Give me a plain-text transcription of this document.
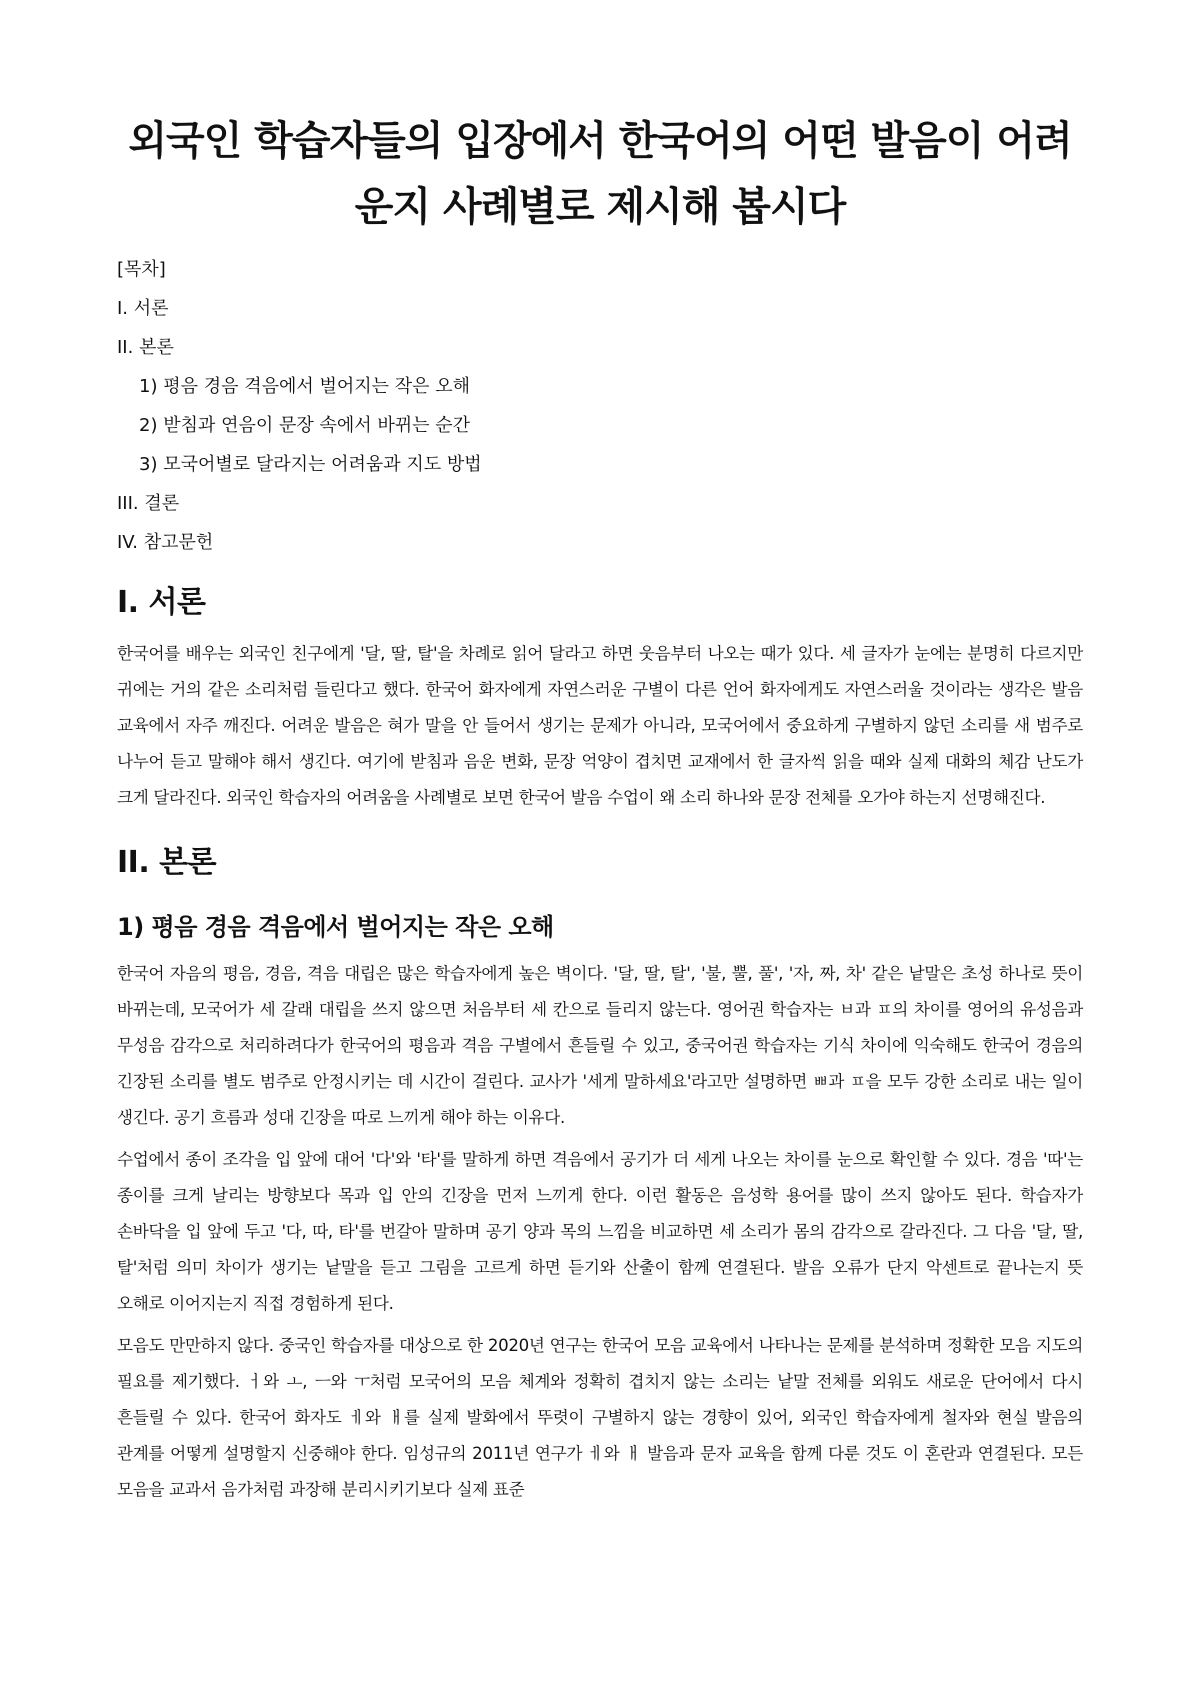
외국인 학습자들의 입장에서 한국어의 어떤 발음이 어려운지 사례별로 제시해 봅시다
[목차]
I. 서론
II. 본론
1) 평음 경음 격음에서 벌어지는 작은 오해
2) 받침과 연음이 문장 속에서 바뀌는 순간
3) 모국어별로 달라지는 어려움과 지도 방법
III. 결론
IV. 참고문헌
I. 서론

한국어를 배우는 외국인 친구에게 '달, 딸, 탈'을 차례로 읽어 달라고 하면 웃음부터 나오는 때가 있다. 세 글자가 눈에는 분명히 다르지만 귀에는 거의 같은 소리처럼 들린다고 했다. 한국어 화자에게 자연스러운 구별이 다른 언어 화자에게도 자연스러울 것이라는 생각은 발음 교육에서 자주 깨진다. 어려운 발음은 혀가 말을 안 들어서 생기는 문제가 아니라, 모국어에서 중요하게 구별하지 않던 소리를 새 범주로 나누어 듣고 말해야 해서 생긴다. 여기에 받침과 음운 변화, 문장 억양이 겹치면 교재에서 한 글자씩 읽을 때와 실제 대화의 체감 난도가 크게 달라진다. 외국인 학습자의 어려움을 사례별로 보면 한국어 발음 수업이 왜 소리 하나와 문장 전체를 오가야 하는지 선명해진다.

II. 본론
1) 평음 경음 격음에서 벌어지는 작은 오해

한국어 자음의 평음, 경음, 격음 대립은 많은 학습자에게 높은 벽이다. '달, 딸, 탈', '불, 뿔, 풀', '자, 짜, 차' 같은 낱말은 초성 하나로 뜻이 바뀌는데, 모국어가 세 갈래 대립을 쓰지 않으면 처음부터 세 칸으로 들리지 않는다. 영어권 학습자는 ㅂ과 ㅍ의 차이를 영어의 유성음과 무성음 감각으로 처리하려다가 한국어의 평음과 격음 구별에서 흔들릴 수 있고, 중국어권 학습자는 기식 차이에 익숙해도 한국어 경음의 긴장된 소리를 별도 범주로 안정시키는 데 시간이 걸린다. 교사가 '세게 말하세요'라고만 설명하면 ㅃ과 ㅍ을 모두 강한 소리로 내는 일이 생긴다. 공기 흐름과 성대 긴장을 따로 느끼게 해야 하는 이유다.

수업에서 종이 조각을 입 앞에 대어 '다'와 '타'를 말하게 하면 격음에서 공기가 더 세게 나오는 차이를 눈으로 확인할 수 있다. 경음 '따'는 종이를 크게 날리는 방향보다 목과 입 안의 긴장을 먼저 느끼게 한다. 이런 활동은 음성학 용어를 많이 쓰지 않아도 된다. 학습자가 손바닥을 입 앞에 두고 '다, 따, 타'를 번갈아 말하며 공기 양과 목의 느낌을 비교하면 세 소리가 몸의 감각으로 갈라진다. 그 다음 '달, 딸, 탈'처럼 의미 차이가 생기는 낱말을 듣고 그림을 고르게 하면 듣기와 산출이 함께 연결된다. 발음 오류가 단지 악센트로 끝나는지 뜻 오해로 이어지는지 직접 경험하게 된다.

모음도 만만하지 않다. 중국인 학습자를 대상으로 한 2020년 연구는 한국어 모음 교육에서 나타나는 문제를 분석하며 정확한 모음 지도의 필요를 제기했다. ㅓ와 ㅗ, ㅡ와 ㅜ처럼 모국어의 모음 체계와 정확히 겹치지 않는 소리는 낱말 전체를 외워도 새로운 단어에서 다시 흔들릴 수 있다. 한국어 화자도 ㅔ와 ㅐ를 실제 발화에서 뚜렷이 구별하지 않는 경향이 있어, 외국인 학습자에게 철자와 현실 발음의 관계를 어떻게 설명할지 신중해야 한다. 임성규의 2011년 연구가 ㅔ와 ㅐ 발음과 문자 교육을 함께 다룬 것도 이 혼란과 연결된다. 모든 모음을 교과서 음가처럼 과장해 분리시키기보다 실제 표준
